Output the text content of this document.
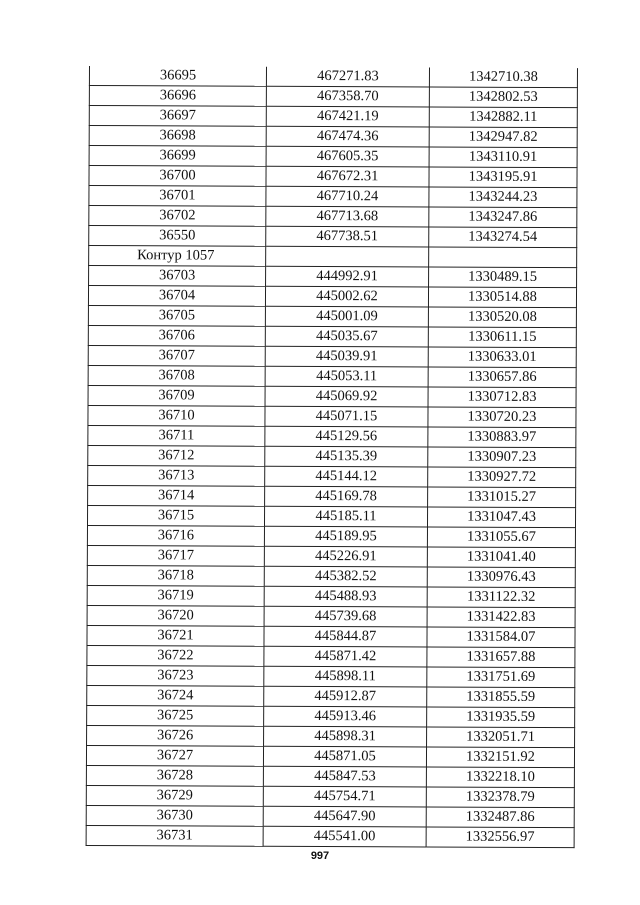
36695	467271.83	1342710.38
36696	467358.70	1342802.53
36697	467421.19	1342882.11
36698	467474.36	1342947.82
36699	467605.35	1343110.91
36700	467672.31	1343195.91
36701	467710.24	1343244.23
36702	467713.68	1343247.86
36550	467738.51	1343274.54
Контур 1057		
36703	444992.91	1330489.15
36704	445002.62	1330514.88
36705	445001.09	1330520.08
36706	445035.67	1330611.15
36707	445039.91	1330633.01
36708	445053.11	1330657.86
36709	445069.92	1330712.83
36710	445071.15	1330720.23
36711	445129.56	1330883.97
36712	445135.39	1330907.23
36713	445144.12	1330927.72
36714	445169.78	1331015.27
36715	445185.11	1331047.43
36716	445189.95	1331055.67
36717	445226.91	1331041.40
36718	445382.52	1330976.43
36719	445488.93	1331122.32
36720	445739.68	1331422.83
36721	445844.87	1331584.07
36722	445871.42	1331657.88
36723	445898.11	1331751.69
36724	445912.87	1331855.59
36725	445913.46	1331935.59
36726	445898.31	1332051.71
36727	445871.05	1332151.92
36728	445847.53	1332218.10
36729	445754.71	1332378.79
36730	445647.90	1332487.86
36731	445541.00	1332556.97
997
